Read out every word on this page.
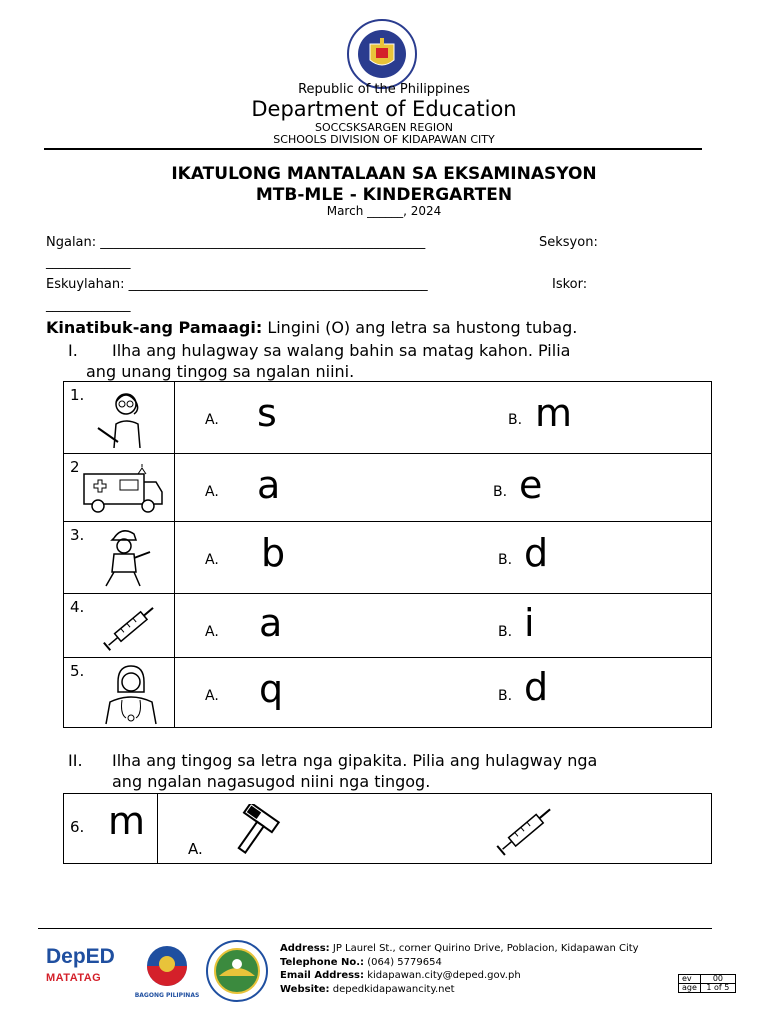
Republic of the Philippines
Department of Education
SOCCSKSARGEN REGION
SCHOOLS DIVISION OF KIDAPAWAN CITY
IKATULONG MANTALAAN SA EKSAMINASYON
MTB-MLE - KINDERGARTEN
March ______, 2024
Ngalan: __________________________________________________	Seksyon:
_____________
Eskuylahan: ______________________________________________	Iskor:
_____________
Kinatibuk-ang Pamaagi: Lingini (O) ang letra sa hustong tubag.
I. Ilha ang hulagway sa walang bahin sa matag kahon. Pilia
ang unang tingog sa ngalan niini.
1.	A. s B. m

2	A. a B. e

3.	A. b B. d

4.	A. a B. i

5.	A. q B. d
II. Ilha ang tingog sa letra nga gipakita. Pilia ang hulagway nga
ang ngalan nagasugod niini nga tingog.
6. m

A.
DepED
MATATAG
BAGONG PILIPINAS
Address: JP Laurel St., corner Quirino Drive, Poblacion, Kidapawan City
Telephone No.: (064) 5779654
Email Address: kidapawan.city@deped.gov.ph
Website: depedkidapawancity.net
ev	00
age	1 of 5
